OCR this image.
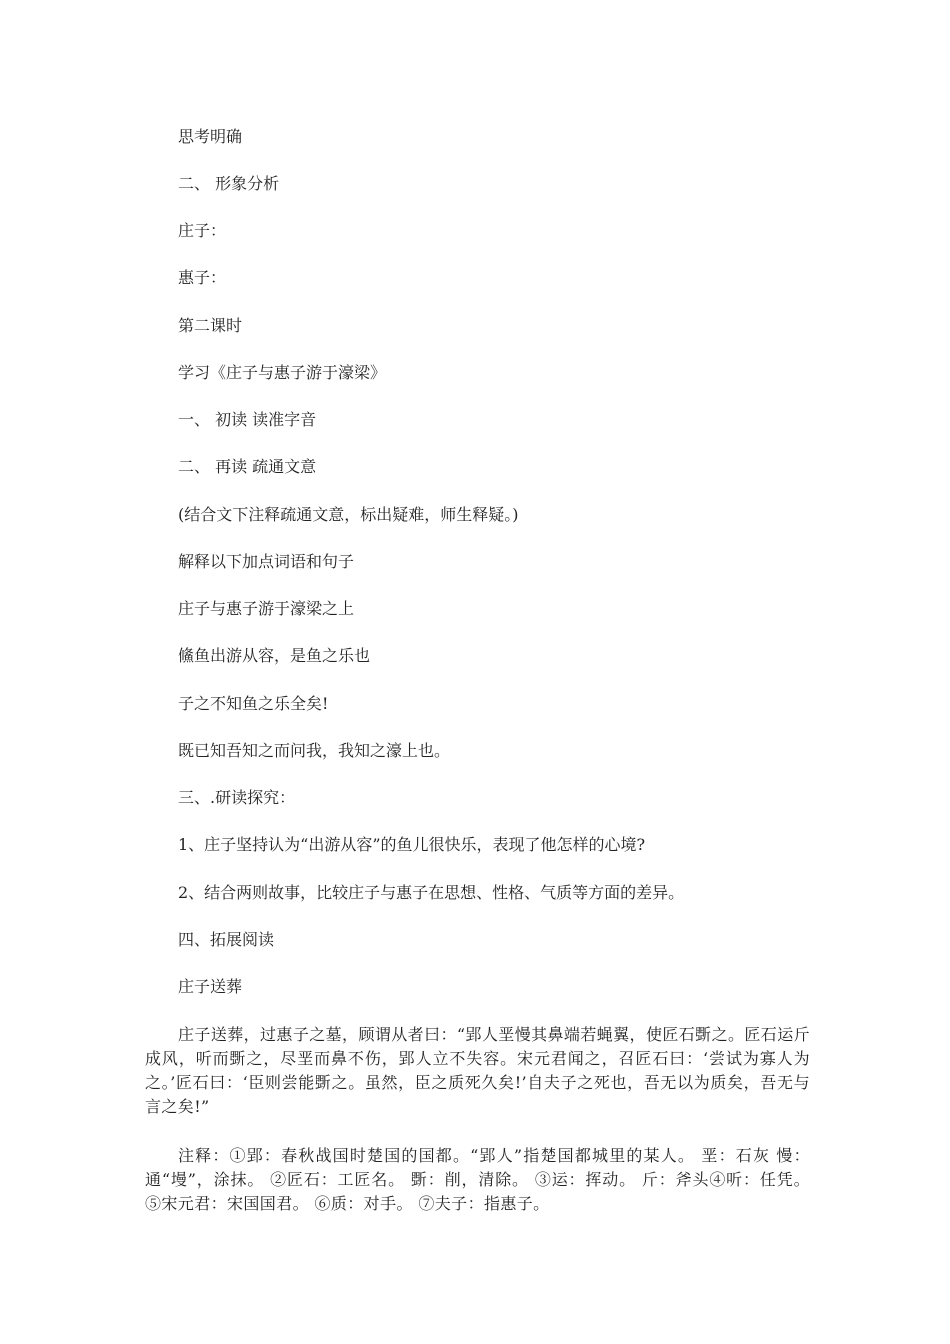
思考明确
二、 形象分析
庄子：
惠子：
第二课时
学习《庄子与惠子游于濠梁》
一、 初读 读准字音
二、 再读 疏通文意
(结合文下注释疏通文意，标出疑难，师生释疑。)
解释以下加点词语和句子
庄子与惠子游于濠梁之上
鯈鱼出游从容，是鱼之乐也
子之不知鱼之乐全矣!
既已知吾知之而问我，我知之濠上也。
三、.研读探究：
1、庄子坚持认为“出游从容”的鱼儿很快乐，表现了他怎样的心境?
2、结合两则故事，比较庄子与惠子在思想、性格、气质等方面的差异。
四、拓展阅读
庄子送葬
庄子送葬，过惠子之墓，顾谓从者曰：“郢人垩慢其鼻端若蝇翼，使匠石斲之。匠石运斤成风，听而斲之，尽垩而鼻不伤，郢人立不失容。宋元君闻之，召匠石曰：‘尝试为寡人为之。’匠石曰：‘臣则尝能斲之。虽然，臣之质死久矣!’自夫子之死也，吾无以为质矣，吾无与言之矣!”
注释：①郢：春秋战国时楚国的国都。“郢人”指楚国都城里的某人。 垩：石灰 慢：通“墁”，涂抹。 ②匠石：工匠名。 斲：削，清除。 ③运：挥动。 斤：斧头④听：任凭。 ⑤宋元君：宋国国君。 ⑥质：对手。 ⑦夫子：指惠子。
